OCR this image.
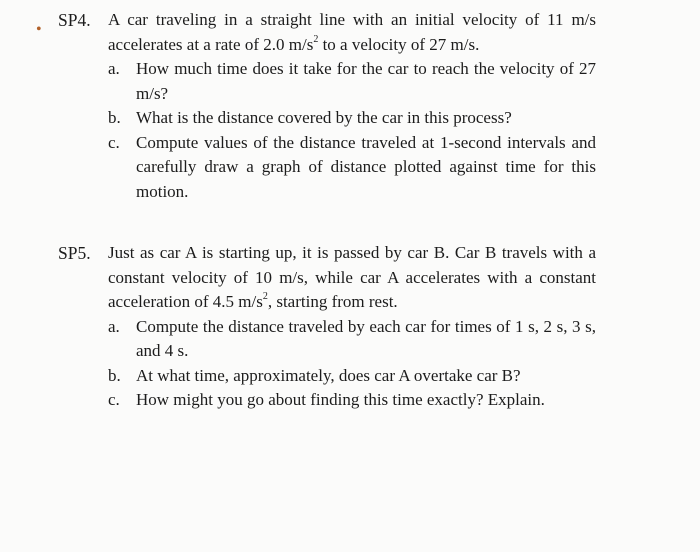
• SP4. A car traveling in a straight line with an initial velocity of 11 m/s accelerates at a rate of 2.0 $m/s^2$ to a velocity of 27 m/s.
a. How much time does it take for the car to reach the velocity of 27 m/s?
b. What is the distance covered by the car in this process?
c. Compute values of the distance traveled at 1-second intervals and carefully draw a graph of distance plotted against time for this motion.
SP5. Just as car A is starting up, it is passed by car B. Car B travels with a constant velocity of 10 m/s, while car A accelerates with a constant acceleration of 4.5 $m/s^2$, starting from rest.
a. Compute the distance traveled by each car for times of 1 s, 2 s, 3 s, and 4 s.
b. At what time, approximately, does car A overtake car B?
c. How might you go about finding this time exactly? Explain.
